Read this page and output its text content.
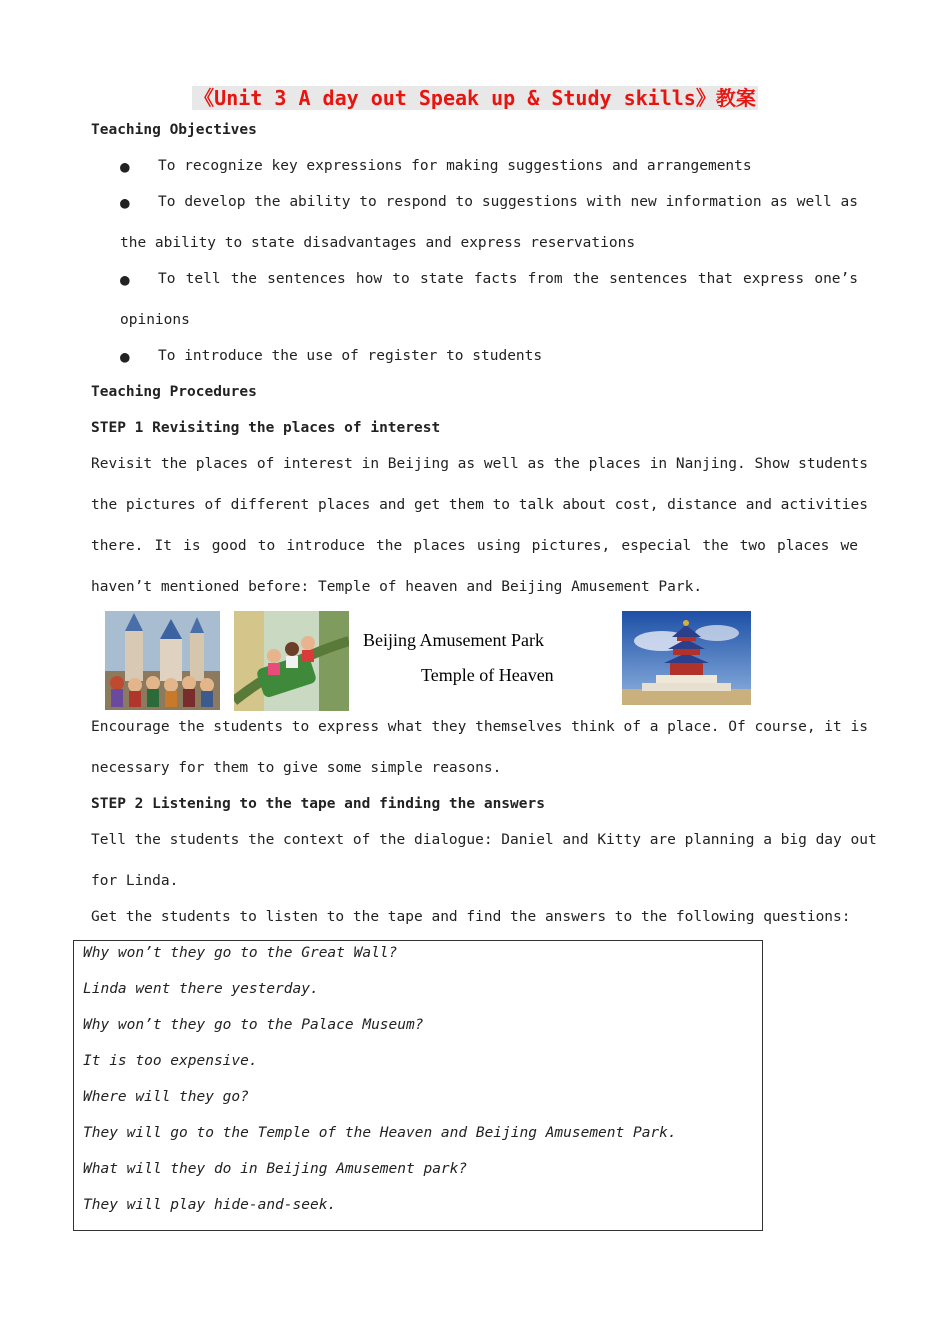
《Unit 3 A day out Speak up & Study skills》教案
Teaching Objectives
● To recognize key expressions for making suggestions and arrangements
● To develop the ability to respond to suggestions with new information as well as
the ability to state disadvantages and express reservations
● To tell the sentences how to state facts from the sentences that express one’s
opinions
● To introduce the use of register to students
Teaching Procedures
STEP 1 Revisiting the places of interest
Revisit the places of interest in Beijing as well as the places in Nanjing. Show students
the pictures of different places and get them to talk about cost, distance and activities
there. It is good to introduce the places using pictures, especial the two places we
haven’t mentioned before: Temple of heaven and Beijing Amusement Park.
Beijing Amusement Park
Temple of Heaven
Encourage the students to express what they themselves think of a place. Of course, it is
necessary for them to give some simple reasons.
STEP 2 Listening to the tape and finding the answers
Tell the students the context of the dialogue: Daniel and Kitty are planning a big day out
for Linda.
Get the students to listen to the tape and find the answers to the following questions:
Why won’t they go to the Great Wall?
Linda went there yesterday.
Why won’t they go to the Palace Museum?
It is too expensive.
Where will they go?
They will go to the Temple of the Heaven and Beijing Amusement Park.
What will they do in Beijing Amusement park?
They will play hide-and-seek.
